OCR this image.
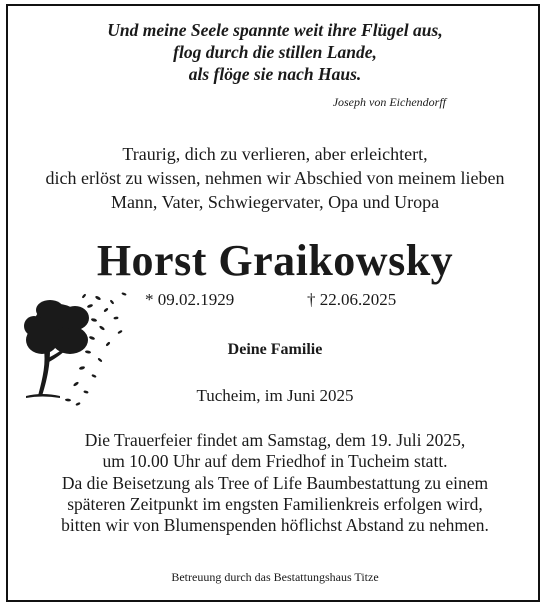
Und meine Seele spannte weit ihre Flügel aus,
flog durch die stillen Lande,
als flöge sie nach Haus.
Joseph von Eichendorff
Traurig, dich zu verlieren, aber erleichtert,
dich erlöst zu wissen, nehmen wir Abschied von meinem lieben
Mann, Vater, Schwiegervater, Opa und Uropa
Horst Graikowsky
* 09.02.1929	† 22.06.2025
Deine Familie
Tucheim, im Juni 2025
Die Trauerfeier findet am Samstag, dem 19. Juli 2025,
um 10.00 Uhr auf dem Friedhof in Tucheim statt.
Da die Beisetzung als Tree of Life Baumbestattung zu einem
späteren Zeitpunkt im engsten Familienkreis erfolgen wird,
bitten wir von Blumenspenden höflichst Abstand zu nehmen.
Betreuung durch das Bestattungshaus Titze
